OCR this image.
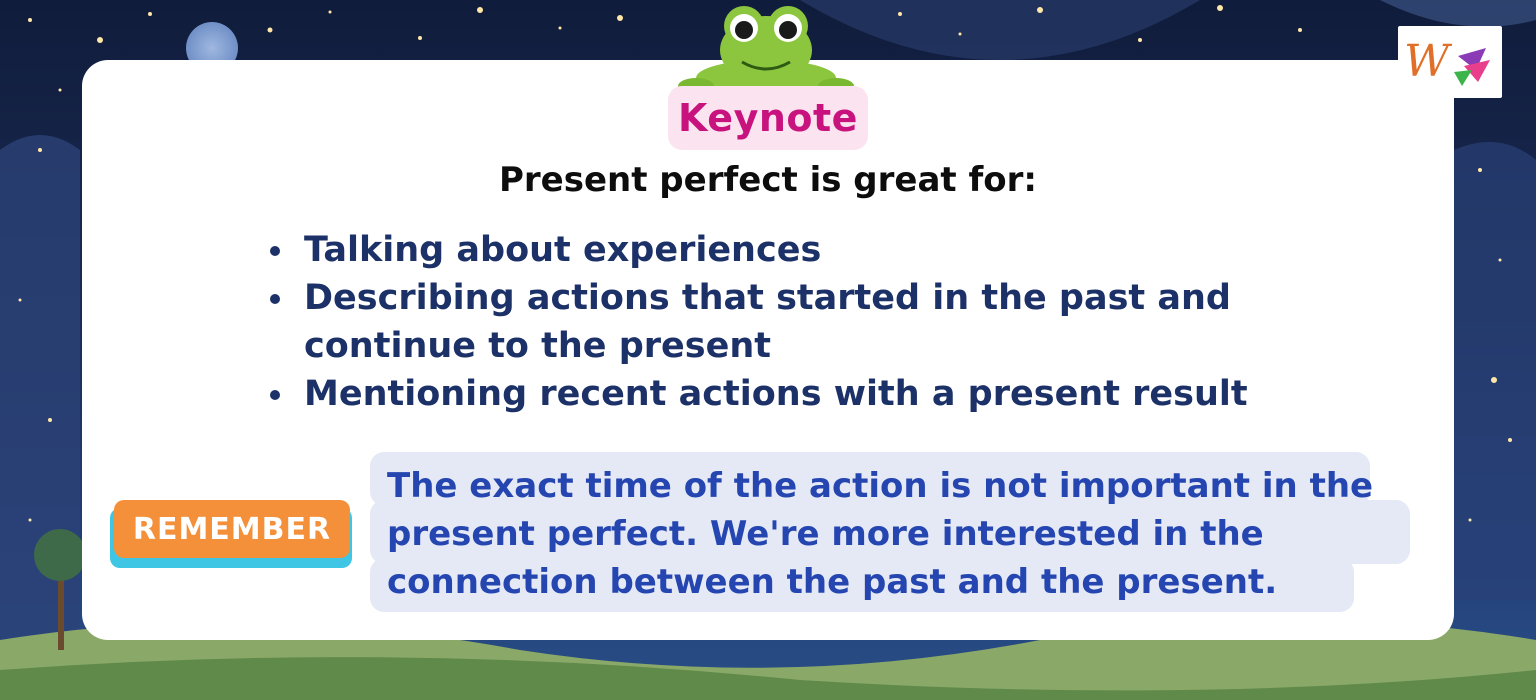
Keynote
Present perfect is great for:
Talking about experiences
Describing actions that started in the past and continue to the present
Mentioning recent actions with a present result
REMEMBER
The exact time of the action is not important in the present perfect. We're more interested in the connection between the past and the present.
W
